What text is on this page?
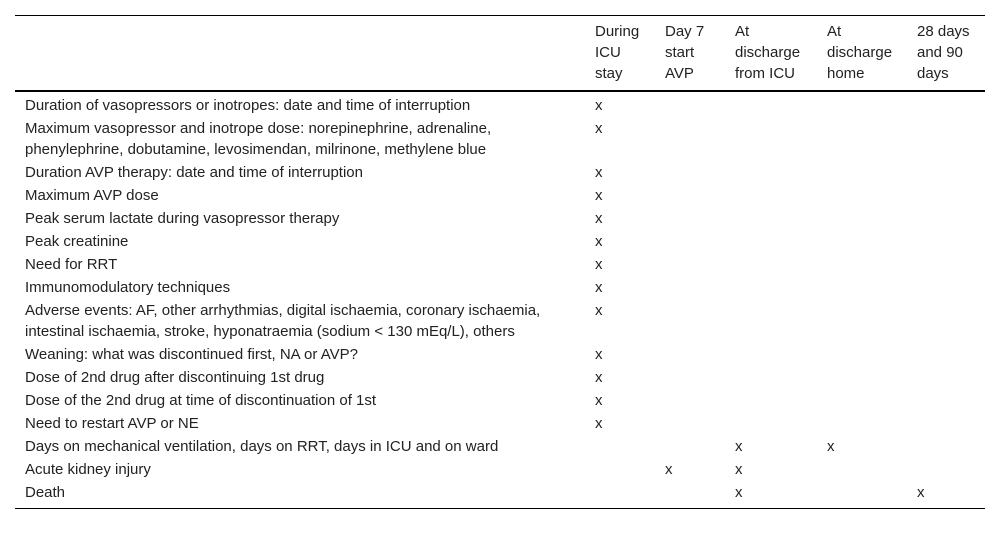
	During ICU stay	Day 7 start AVP	At discharge from ICU	At discharge home	28 days and 90 days
Duration of vasopressors or inotropes: date and time of interruption	x				
Maximum vasopressor and inotrope dose: norepinephrine, adrenaline, phenylephrine, dobutamine, levosimendan, milrinone, methylene blue	x				
Duration AVP therapy: date and time of interruption	x				
Maximum AVP dose	x				
Peak serum lactate during vasopressor therapy	x				
Peak creatinine	x				
Need for RRT	x				
Immunomodulatory techniques	x				
Adverse events: AF, other arrhythmias, digital ischaemia, coronary ischaemia, intestinal ischaemia, stroke, hyponatraemia (sodium < 130 mEq/L), others	x				
Weaning: what was discontinued first, NA or AVP?	x				
Dose of 2nd drug after discontinuing 1st drug	x				
Dose of the 2nd drug at time of discontinuation of 1st	x				
Need to restart AVP or NE	x				
Days on mechanical ventilation, days on RRT, days in ICU and on ward			x	x	
Acute kidney injury		x	x		
Death			x		x
